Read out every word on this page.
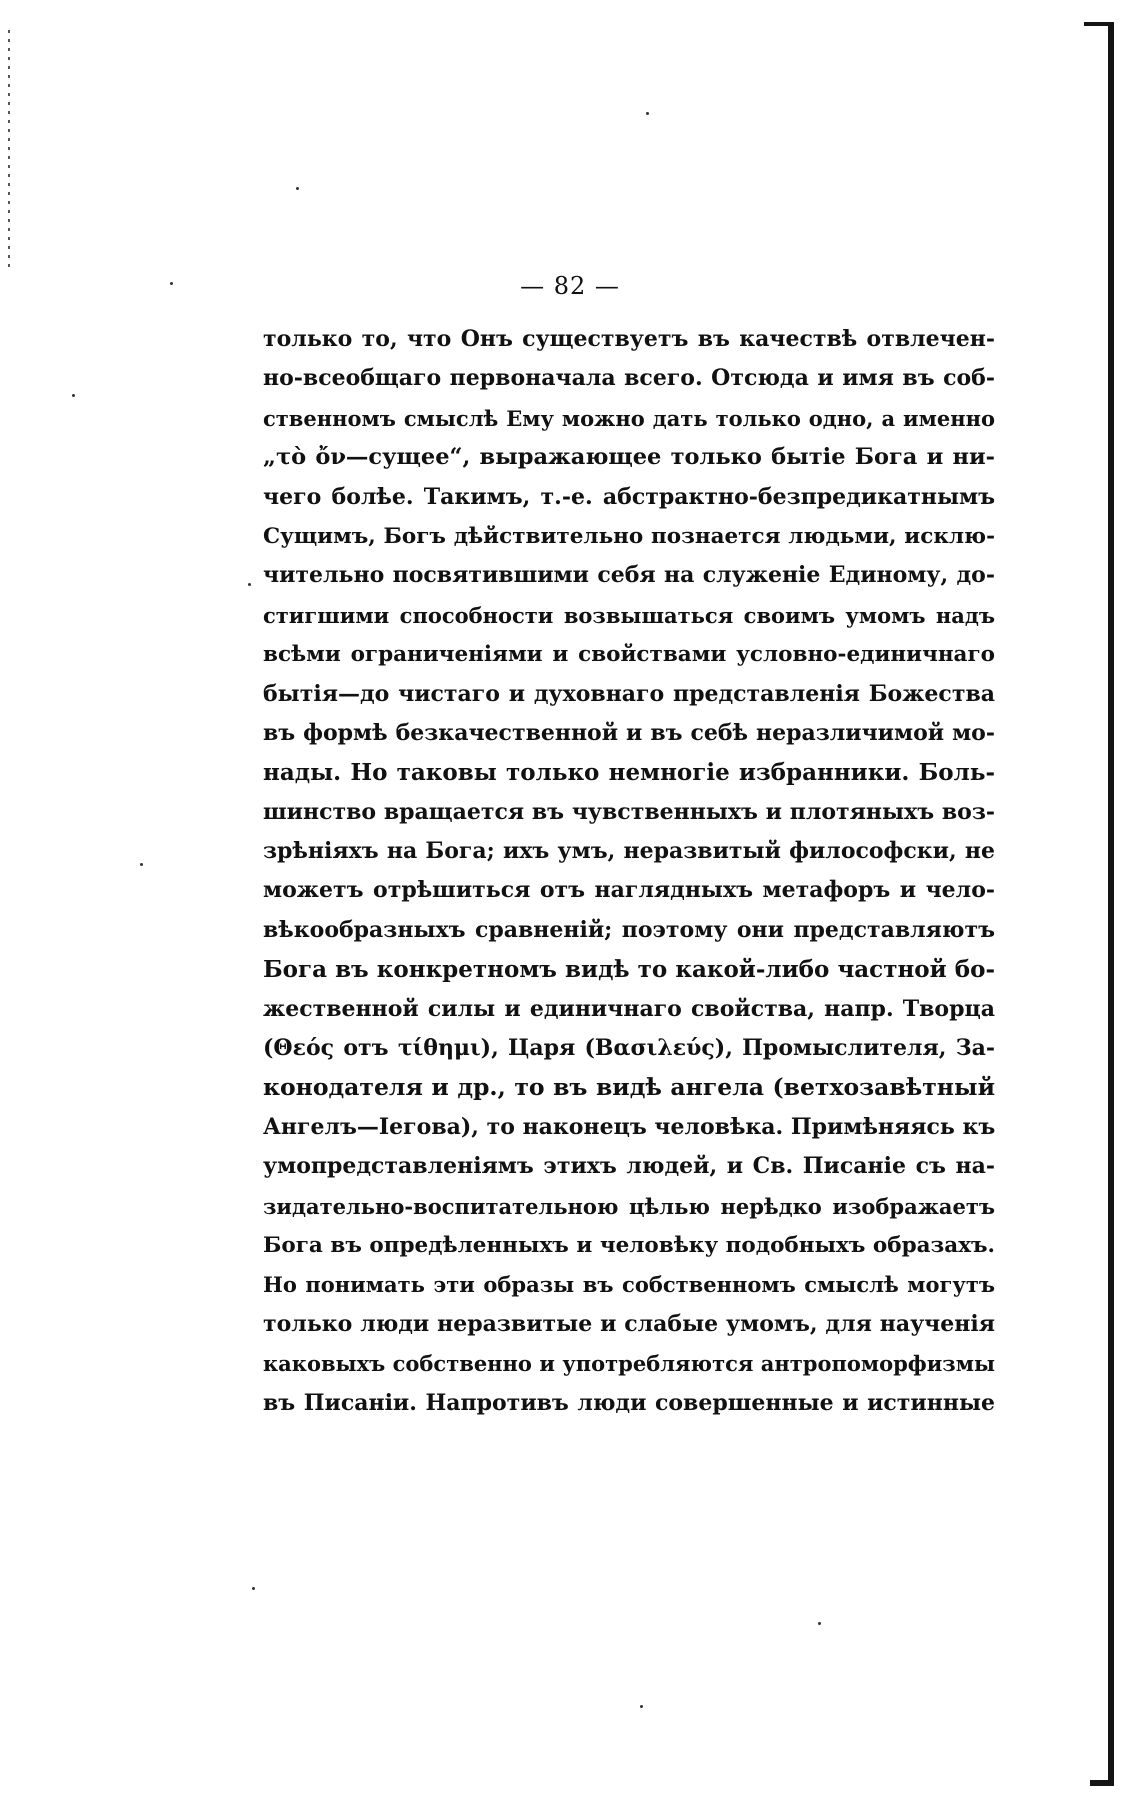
— 82 —
только то, что Онъ существуетъ въ качествѣ отвлечен-
но-всеобщаго первоначала всего. Отсюда и имя въ соб-
ственномъ смыслѣ Ему можно дать только одно, а именно
„τὸ ὄν—сущее“, выражающее только бытіе Бога и ни-
чего болѣе. Такимъ, т.-е. абстрактно-безпредикатнымъ
Сущимъ, Богъ дѣйствительно познается людьми, исклю-
чительно посвятившими себя на служеніе Единому, до-
стигшими способности возвышаться своимъ умомъ надъ
всѣми ограниченіями и свойствами условно-единичнаго
бытія—до чистаго и духовнаго представленія Божества
въ формѣ безкачественной и въ себѣ неразличимой мо-
нады. Но таковы только немногіе избранники. Боль-
шинство вращается въ чувственныхъ и плотяныхъ воз-
зрѣніяхъ на Бога; ихъ умъ, неразвитый философски, не
можетъ отрѣшиться отъ наглядныхъ метафоръ и чело-
вѣкообразныхъ сравненій; поэтому они представляютъ
Бога въ конкретномъ видѣ то какой-либо частной бо-
жественной силы и единичнаго свойства, напр. Творца
(Θεός отъ τίθημι), Царя (Βασιλεύς), Промыслителя, За-
конодателя и др., то въ видѣ ангела (ветхозавѣтный
Ангелъ—Іегова), то наконецъ человѣка. Примѣняясь къ
умопредставленіямъ этихъ людей, и Св. Писаніе съ на-
зидательно-воспитательною цѣлью нерѣдко изображаетъ
Бога въ опредѣленныхъ и человѣку подобныхъ образахъ.
Но понимать эти образы въ собственномъ смыслѣ могутъ
только люди неразвитые и слабые умомъ, для наученія
каковыхъ собственно и употребляются антропоморфизмы
въ Писаніи. Напротивъ люди совершенные и истинные
